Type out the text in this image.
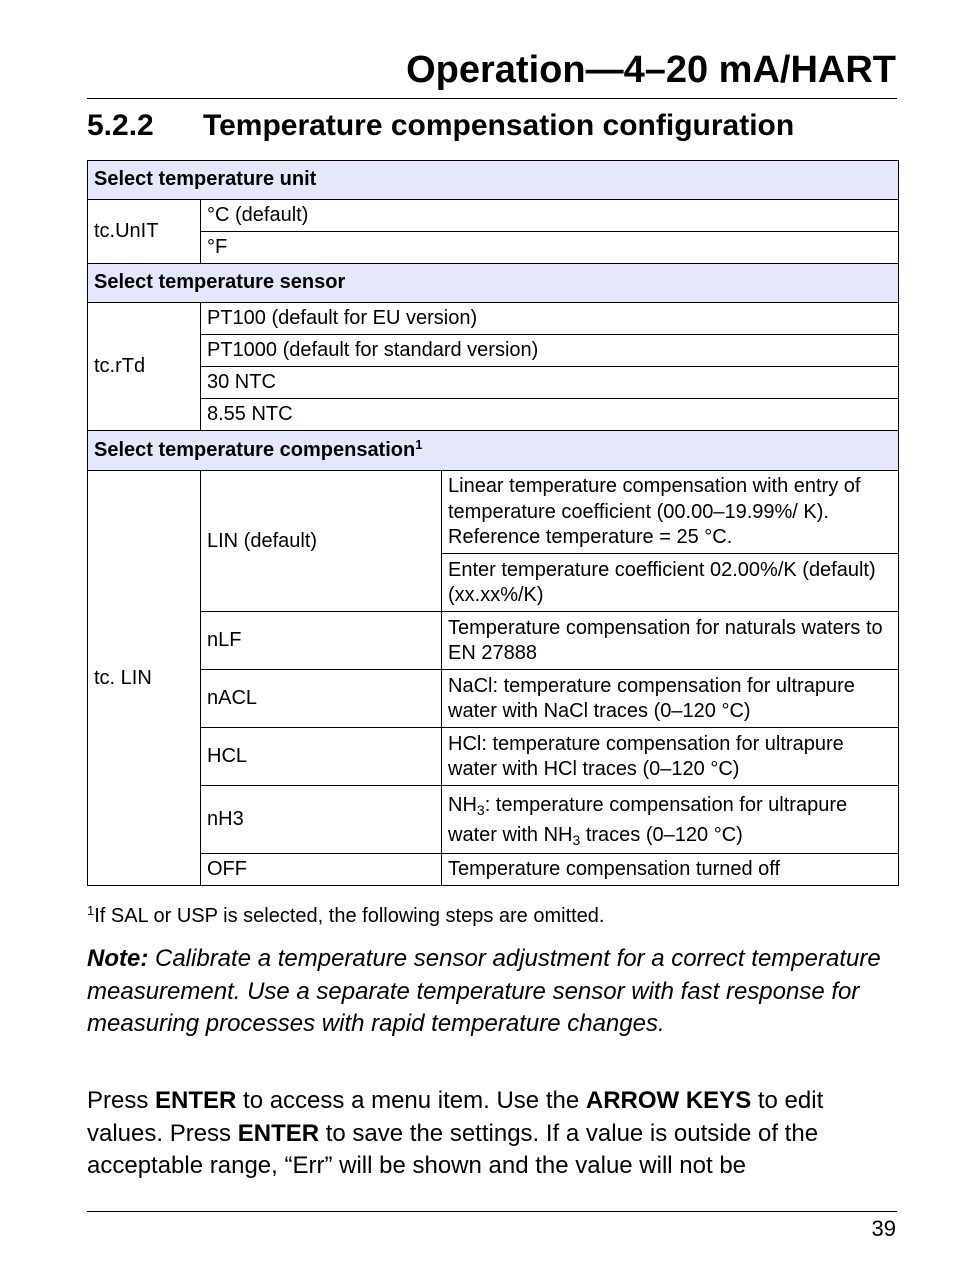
Operation—4–20 mA/HART
5.2.2 Temperature compensation configuration
Select temperature unit		
tc.UnIT	°C (default)	
	°F	
Select temperature sensor		
tc.rTd	PT100 (default for EU version)	
	PT1000 (default for standard version)	
	30 NTC	
	8.55 NTC	
Select temperature compensation$^1$
tc. LIN	LIN (default)	Linear temperature compensation with entry of temperature coefficient (00.00–19.99%/ K). Reference temperature = 25 °C.
		Enter temperature coefficient 02.00%/K (default) (xx.xx%/K)
	nLF	Temperature compensation for naturals waters to EN 27888
	nACL	NaCl: temperature compensation for ultrapure water with NaCl traces (0–120 °C)
	HCL	HCl: temperature compensation for ultrapure water with HCl traces (0–120 °C)
	nH3	$NH_3$: temperature compensation for ultrapure water with $NH_3$ traces (0–120 °C)
	OFF	Temperature compensation turned off
$^1$If SAL or USP is selected, the following steps are omitted.
Note: Calibrate a temperature sensor adjustment for a correct temperature measurement. Use a separate temperature sensor with fast response for measuring processes with rapid temperature changes.
Press ENTER to access a menu item. Use the ARROW KEYS to edit values. Press ENTER to save the settings. If a value is outside of the acceptable range, “Err” will be shown and the value will not be
39
